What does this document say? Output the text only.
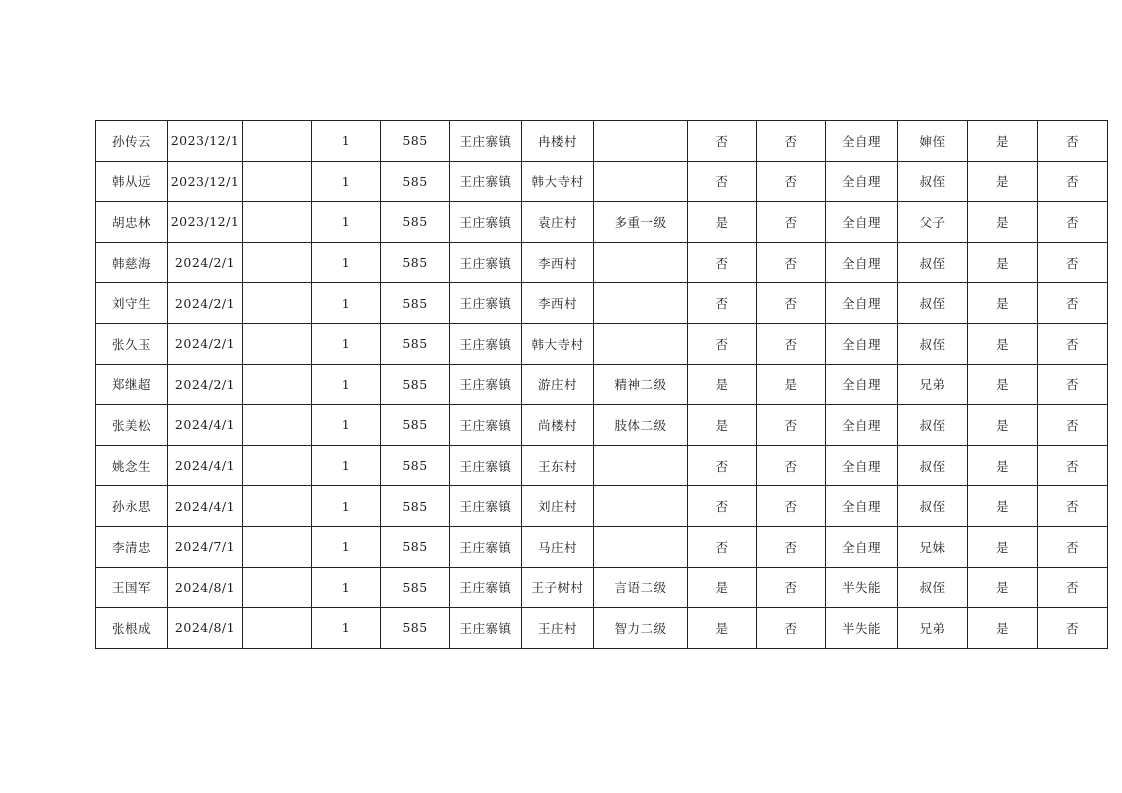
孙传云	2023/12/1		1	585	王庄寨镇	冉楼村		否	否	全自理	婶侄	是	否
韩从远	2023/12/1		1	585	王庄寨镇	韩大寺村		否	否	全自理	叔侄	是	否
胡忠林	2023/12/1		1	585	王庄寨镇	袁庄村	多重一级	是	否	全自理	父子	是	否
韩慈海	2024/2/1		1	585	王庄寨镇	李西村		否	否	全自理	叔侄	是	否
刘守生	2024/2/1		1	585	王庄寨镇	李西村		否	否	全自理	叔侄	是	否
张久玉	2024/2/1		1	585	王庄寨镇	韩大寺村		否	否	全自理	叔侄	是	否
郑继超	2024/2/1		1	585	王庄寨镇	游庄村	精神二级	是	是	全自理	兄弟	是	否
张美松	2024/4/1		1	585	王庄寨镇	尚楼村	肢体二级	是	否	全自理	叔侄	是	否
姚念生	2024/4/1		1	585	王庄寨镇	王东村		否	否	全自理	叔侄	是	否
孙永思	2024/4/1		1	585	王庄寨镇	刘庄村		否	否	全自理	叔侄	是	否
李清忠	2024/7/1		1	585	王庄寨镇	马庄村		否	否	全自理	兄妹	是	否
王国军	2024/8/1		1	585	王庄寨镇	王子树村	言语二级	是	否	半失能	叔侄	是	否
张根成	2024/8/1		1	585	王庄寨镇	王庄村	智力二级	是	否	半失能	兄弟	是	否
